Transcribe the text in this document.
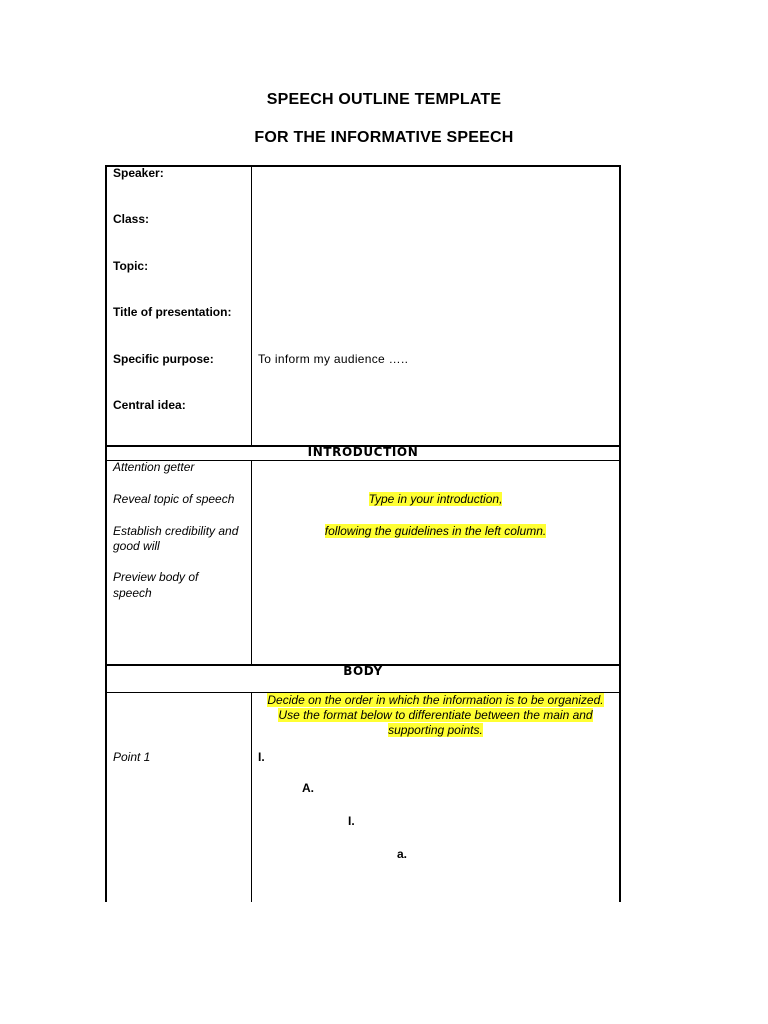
SPEECH OUTLINE TEMPLATE
FOR THE INFORMATIVE SPEECH
Speaker:
Class:
Topic:
Title of presentation:
Specific purpose:	To inform my audience …..
Central idea:
INTRODUCTION
Attention getter
Reveal topic of speech
Establish credibility and
good will
Preview body of
speech
Type in your introduction,
following the guidelines in the left column.
BODY
Decide on the order in which the information is to be organized.
Use the format below to differentiate between the main and
supporting points.
Point 1	I.
A.
I.
a.
